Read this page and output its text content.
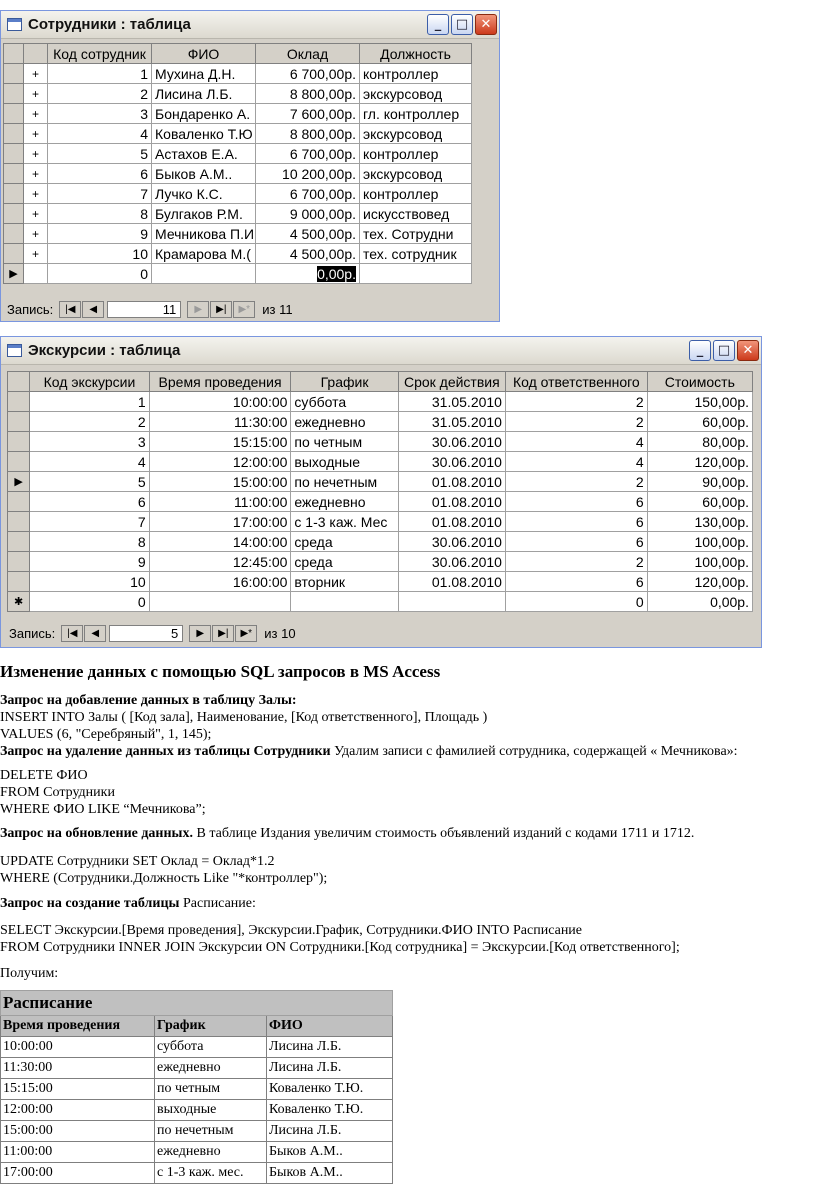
Сотрудники : таблица	_	□ ✕
		Код сотрудник	ФИО	Оклад	Должность
	+	1	Мухина Д.Н.	6 700,00р.	контроллер
	+	2	Лисина Л.Б.	8 800,00р.	экскурсовод
	+	3	Бондаренко А.	7 600,00р.	гл. контроллер
	+	4	Коваленко Т.Ю	8 800,00р.	экскурсовод
	+	5	Астахов Е.А.	6 700,00р.	контроллер
	+	6	Быков А.М..	10 200,00р.	экскурсовод
	+	7	Лучко К.С.	6 700,00р.	контроллер
	+	8	Булгаков Р.М.	9 000,00р.	искусствовед
	+	9	Мечникова П.И	4 500,00р.	тех. Сотрудни
	+	10	Крамарова М.(	4 500,00р.	тех. сотрудник
▶		0		0,00р.	
Запись:	|◀	◀	11	▶	▶|	▶* из 11
Экскурсии : таблица	_	□ ✕
	Код экскурсии	Время проведения	График	Срок действия	Код ответственного	Стоимость
	1	10:00:00	суббота	31.05.2010	2	150,00р.
	2	11:30:00	ежедневно	31.05.2010	2	60,00р.
	3	15:15:00	по четным	30.06.2010	4	80,00р.
	4	12:00:00	выходные	30.06.2010	4	120,00р.
▶	5	15:00:00	по нечетным	01.08.2010	2	90,00р.
	6	11:00:00	ежедневно	01.08.2010	6	60,00р.
	7	17:00:00	с 1-3 каж. Мес	01.08.2010	6	130,00р.
	8	14:00:00	среда	30.06.2010	6	100,00р.
	9	12:45:00	среда	30.06.2010	2	100,00р.
	10	16:00:00	вторник	01.08.2010	6	120,00р.
✱	0				0	0,00р.
Запись:	|◀	◀	5	▶	▶|	▶* из 10
Изменение данных с помощью SQL запросов в MS Access
Запрос на добавление данных в таблицу Залы:
INSERT INTO Залы ( [Код зала], Наименование, [Код ответственного], Площадь )
VALUES (6, "Серебряный", 1, 145);
Запрос на удаление данных из таблицы Сотрудники Удалим записи с фамилией сотрудника, содержащей « Мечникова»:
DELETE ФИО
FROM Сотрудники
WHERE ФИО LIKE “Мечникова”;
Запрос на обновление данных. В таблице Издания увеличим стоимость объявлений изданий с кодами 1711 и 1712.
UPDATE Сотрудники SET Оклад = Оклад*1.2
WHERE (Сотрудники.Должность Like "*контроллер");
Запрос на создание таблицы Расписание:
SELECT Экскурсии.[Время проведения], Экскурсии.График, Сотрудники.ФИО INTO Расписание
FROM Сотрудники INNER JOIN Экскурсии ON Сотрудники.[Код сотрудника] = Экскурсии.[Код ответственного];
Получим:
Расписание		
Время проведения	График	ФИО
10:00:00	суббота	Лисина Л.Б.
11:30:00	ежедневно	Лисина Л.Б.
15:15:00	по четным	Коваленко Т.Ю.
12:00:00	выходные	Коваленко Т.Ю.
15:00:00	по нечетным	Лисина Л.Б.
11:00:00	ежедневно	Быков А.М..
17:00:00	с 1-3 каж. мес.	Быков А.М..
